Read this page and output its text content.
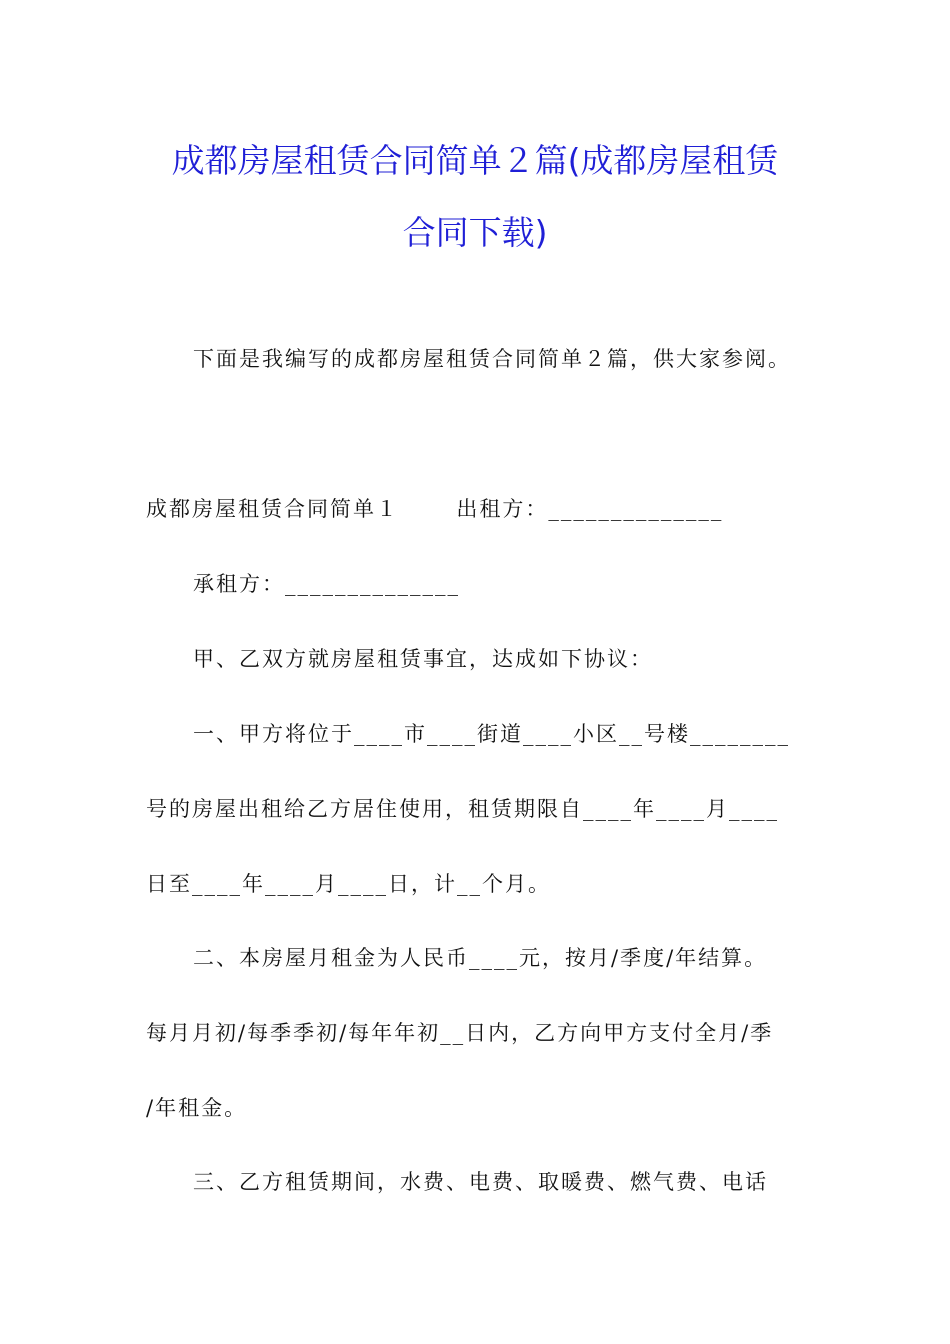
成都房屋租赁合同简单２篇(成都房屋租赁
合同下载)
下面是我编写的成都房屋租赁合同简单２篇，供大家参阅。
成都房屋租赁合同简单１	出租方：______________
承租方：______________
甲、乙双方就房屋租赁事宜，达成如下协议：
一、甲方将位于____市____街道____小区__号楼________
号的房屋出租给乙方居住使用，租赁期限自____年____月____
日至____年____月____日，计__个月。
二、本房屋月租金为人民币____元，按月/季度/年结算。
每月月初/每季季初/每年年初__日内，乙方向甲方支付全月/季
/年租金。
三、乙方租赁期间，水费、电费、取暖费、燃气费、电话
